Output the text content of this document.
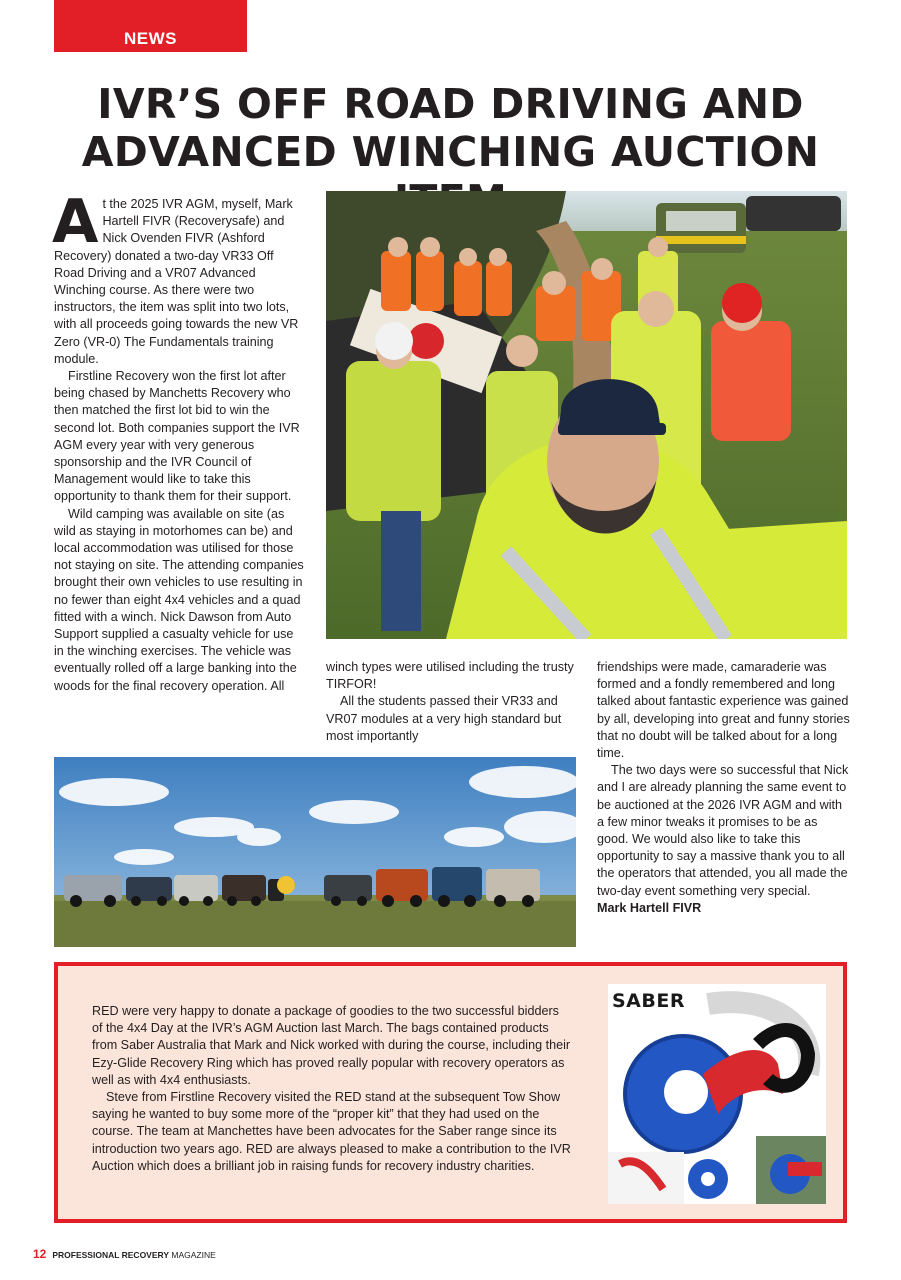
NEWS
IVR’S OFF ROAD DRIVING AND
ADVANCED WINCHING AUCTION

At the 2025 IVR AGM, myself, Mark Hartell FIVR (Recoverysafe) and Nick Ovenden FIVR (Ashford Recovery) donated a two-day VR33 Off Road Driving and a VR07 Advanced Winching course. As there were two instructors, the item was split into two lots, with all proceeds going towards the new VR Zero (VR-0) The Fundamentals training module.

Firstline Recovery won the first lot after being chased by Manchetts Recovery who then matched the first lot bid to win the second lot. Both companies support the IVR AGM every year with very generous sponsorship and the IVR Council of Management would like to take this opportunity to thank them for their support.

Wild camping was available on site (as wild as staying in motorhomes can be) and local accommodation was utilised for those not staying on site. The attending companies brought their own vehicles to use resulting in no fewer than eight 4x4 vehicles and a quad fitted with a winch. Nick Dawson from Auto Support supplied a casualty vehicle for use in the winching exercises. The vehicle was eventually rolled off a large banking into the woods for the final recovery operation. All

winch types were utilised including the trusty TIRFOR!

All the students passed their VR33 and VR07 modules at a very high standard but most importantly

friendships were made, camaraderie was formed and a fondly remembered and long talked about fantastic experience was gained by all, developing into great and funny stories that no doubt will be talked about for a long time.

The two days were so successful that Nick and I are already planning the same event to be auctioned at the 2026 IVR AGM and with a few minor tweaks it promises to be as good. We would also like to take this opportunity to say a massive thank you to all the operators that attended, you all made the two-day event something very special.

Mark Hartell FIVR

RED were very happy to donate a package of goodies to the two successful bidders of the 4x4 Day at the IVR’s AGM Auction last March. The bags contained products from Saber Australia that Mark and Nick worked with during the course, including their Ezy-Glide Recovery Ring which has proved really popular with recovery operators as well as with 4x4 enthusiasts.

Steve from Firstline Recovery visited the RED stand at the subsequent Tow Show saying he wanted to buy some more of the “proper kit” that they had used on the course. The team at Manchettes have been advocates for the Saber range since its introduction two years ago. RED are always pleased to make a contribution to the IVR Auction which does a brilliant job in raising funds for recovery industry charities.

SABER
12 PROFESSIONAL RECOVERY MAGAZINE
